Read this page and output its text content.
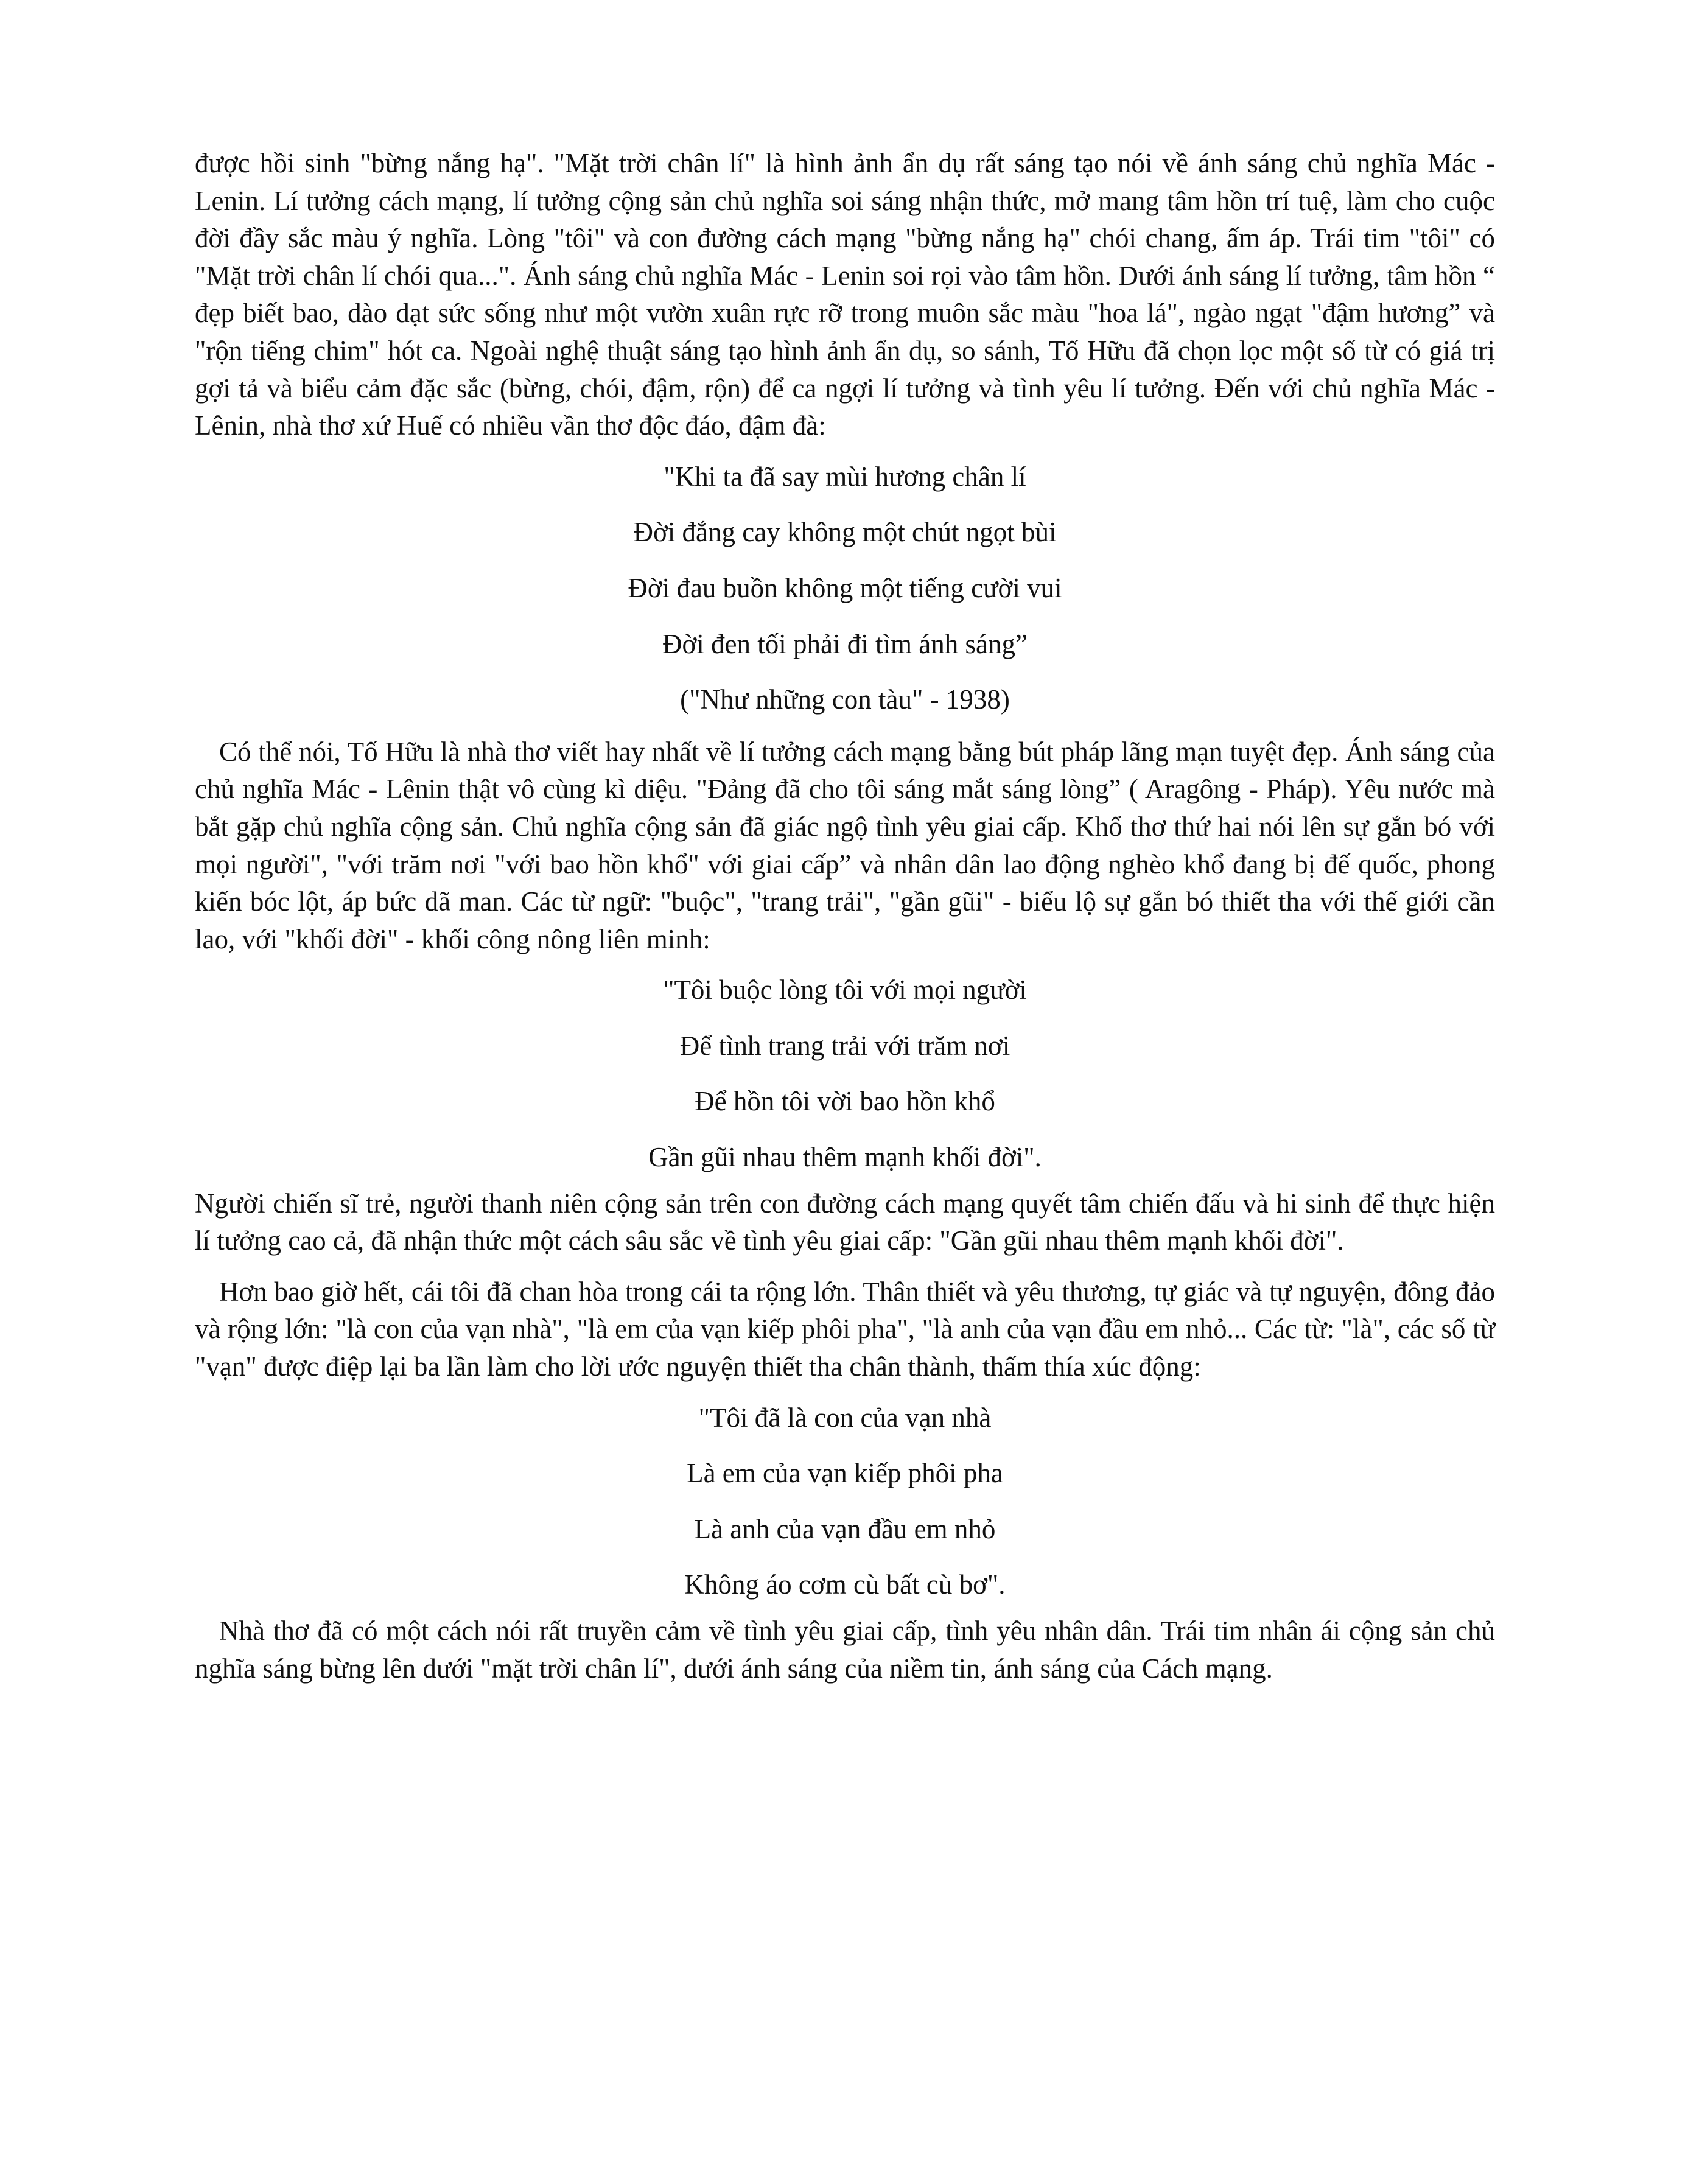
được hồi sinh "bừng nắng hạ". "Mặt trời chân lí" là hình ảnh ẩn dụ rất sáng tạo nói về ánh sáng chủ nghĩa Mác - Lenin. Lí tưởng cách mạng, lí tưởng cộng sản chủ nghĩa soi sáng nhận thức, mở mang tâm hồn trí tuệ, làm cho cuộc đời đầy sắc màu ý nghĩa. Lòng "tôi" và con đường cách mạng "bừng nắng hạ" chói chang, ấm áp. Trái tim "tôi" có "Mặt trời chân lí chói qua...". Ánh sáng chủ nghĩa Mác - Lenin soi rọi vào tâm hồn. Dưới ánh sáng lí tưởng, tâm hồn “ đẹp biết bao, dào dạt sức sống như một vườn xuân rực rỡ trong muôn sắc màu "hoa lá", ngào ngạt "đậm hương” và "rộn tiếng chim" hót ca. Ngoài nghệ thuật sáng tạo hình ảnh ẩn dụ, so sánh, Tố Hữu đã chọn lọc một số từ có giá trị gợi tả và biểu cảm đặc sắc (bừng, chói, đậm, rộn) để ca ngợi lí tưởng và tình yêu lí tưởng. Đến với chủ nghĩa Mác - Lênin, nhà thơ xứ Huế có nhiều vần thơ độc đáo, đậm đà:

"Khi ta đã say mùi hương chân lí

Đời đắng cay không một chút ngọt bùi

Đời đau buồn không một tiếng cười vui

Đời đen tối phải đi tìm ánh sáng”

("Như những con tàu" - 1938)

Có thể nói, Tố Hữu là nhà thơ viết hay nhất về lí tưởng cách mạng bằng bút pháp lãng mạn tuyệt đẹp. Ánh sáng của chủ nghĩa Mác - Lênin thật vô cùng kì diệu. "Đảng đã cho tôi sáng mắt sáng lòng” ( Aragông - Pháp). Yêu nước mà bắt gặp chủ nghĩa cộng sản. Chủ nghĩa cộng sản đã giác ngộ tình yêu giai cấp. Khổ thơ thứ hai nói lên sự gắn bó với mọi người", "với trăm nơi "với bao hồn khổ" với giai cấp” và nhân dân lao động nghèo khổ đang bị đế quốc, phong kiến bóc lột, áp bức dã man. Các từ ngữ: "buộc", "trang trải", "gần gũi" - biểu lộ sự gắn bó thiết tha với thế giới cần lao, với "khối đời" - khối công nông liên minh:

"Tôi buộc lòng tôi với mọi người

Để tình trang trải với trăm nơi

Để hồn tôi vời bao hồn khổ

Gần gũi nhau thêm mạnh khối đời".

Người chiến sĩ trẻ, người thanh niên cộng sản trên con đường cách mạng quyết tâm chiến đấu và hi sinh để thực hiện lí tưởng cao cả, đã nhận thức một cách sâu sắc về tình yêu giai cấp: "Gần gũi nhau thêm mạnh khối đời".

Hơn bao giờ hết, cái tôi đã chan hòa trong cái ta rộng lớn. Thân thiết và yêu thương, tự giác và tự nguyện, đông đảo và rộng lớn: "là con của vạn nhà", "là em của vạn kiếp phôi pha", "là anh của vạn đầu em nhỏ... Các từ: "là", các số từ "vạn" được điệp lại ba lần làm cho lời ước nguyện thiết tha chân thành, thấm thía xúc động:

"Tôi đã là con của vạn nhà

Là em của vạn kiếp phôi pha

Là anh của vạn đầu em nhỏ

Không áo cơm cù bất cù bơ".

Nhà thơ đã có một cách nói rất truyền cảm về tình yêu giai cấp, tình yêu nhân dân. Trái tim nhân ái cộng sản chủ nghĩa sáng bừng lên dưới "mặt trời chân lí", dưới ánh sáng của niềm tin, ánh sáng của Cách mạng.
